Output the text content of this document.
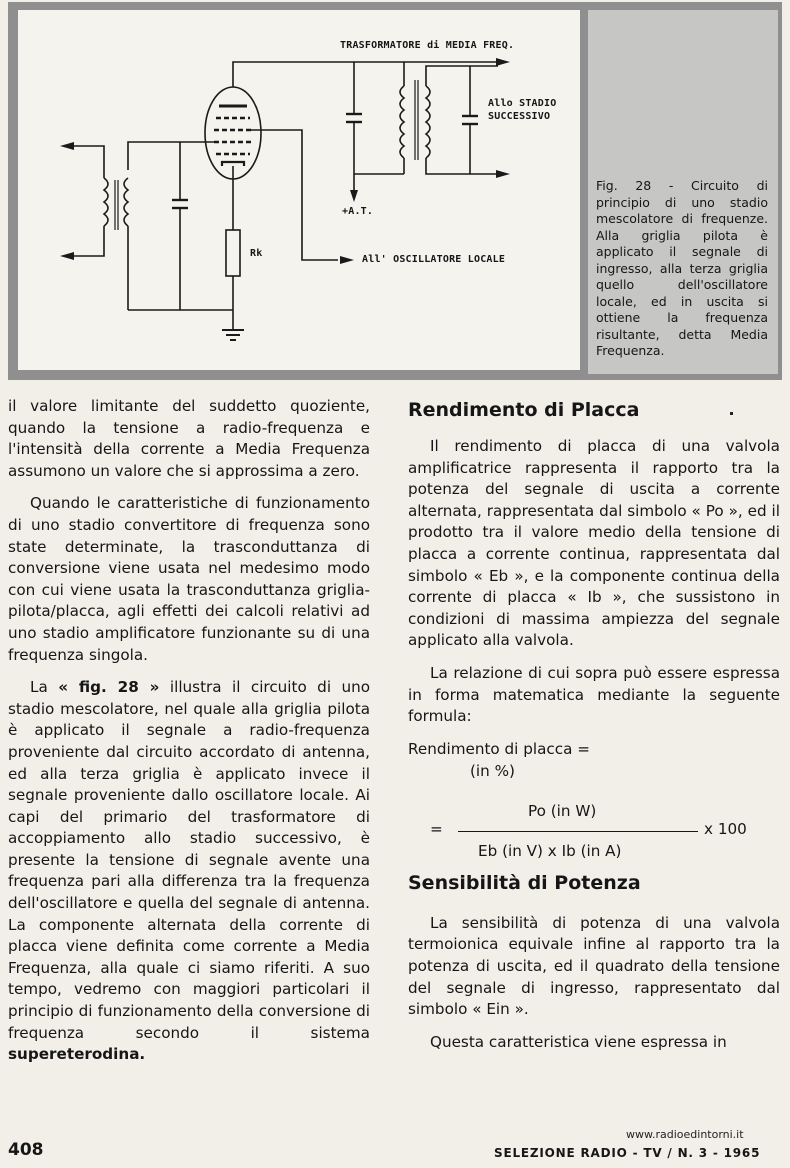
TRASFORMATORE di MEDIA FREQ.
Allo STADIO
SUCCESSIVO
+A.T.
Rk
All' OSCILLATORE LOCALE
Fig. 28 - Circuito di principio di uno stadio mescolatore di frequenze. Alla griglia pilota è applicato il segnale di ingresso, alla terza griglia quello dell'oscillatore locale, ed in uscita si ottiene la frequenza risultante, detta Media Frequenza.

il valore limitante del suddetto quoziente, quando la tensione a radio-frequenza e l'intensità della corrente a Media Frequenza assumono un valore che si approssima a zero.

Quando le caratteristiche di funzionamento di uno stadio convertitore di frequenza sono state determinate, la trasconduttanza di conversione viene usata nel medesimo modo con cui viene usata la trasconduttanza griglia-pilota/placca, agli effetti dei calcoli relativi ad uno stadio amplificatore funzionante su di una frequenza singola.

La « fig. 28 » illustra il circuito di uno stadio mescolatore, nel quale alla griglia pilota è applicato il segnale a radio-frequenza proveniente dal circuito accordato di antenna, ed alla terza griglia è applicato invece il segnale proveniente dallo oscillatore locale. Ai capi del primario del trasformatore di accoppiamento allo stadio successivo, è presente la tensione di segnale avente una frequenza pari alla differenza tra la frequenza dell'oscillatore e quella del segnale di antenna. La componente alternata della corrente di placca viene definita come corrente a Media Frequenza, alla quale ci siamo riferiti. A suo tempo, vedremo con maggiori particolari il principio di funzionamento della conversione di frequenza secondo il sistema supereterodina.

Rendimento di Placca

Il rendimento di placca di una valvola amplificatrice rappresenta il rapporto tra la potenza del segnale di uscita a corrente alternata, rappresentata dal simbolo « Po », ed il prodotto tra il valore medio della tensione di placca a corrente continua, rappresentata dal simbolo « Eb », e la componente continua della corrente di placca « Ib », che sussistono in condizioni di massima ampiezza del segnale applicato alla valvola.

La relazione di cui sopra può essere espressa in forma matematica mediante la seguente formula:

Rendimento di placca =
(in %)
Po (in W)
=	x 100
Eb (in V) x Ib (in A)
Sensibilità di Potenza

La sensibilità di potenza di una valvola termoionica equivale infine al rapporto tra la potenza di uscita, ed il quadrato della tensione del segnale di ingresso, rappresentato dal simbolo « Ein ».

Questa caratteristica viene espressa in

408	SELEZIONE RADIO - TV / N. 3 - 1965
www.radioedintorni.it
